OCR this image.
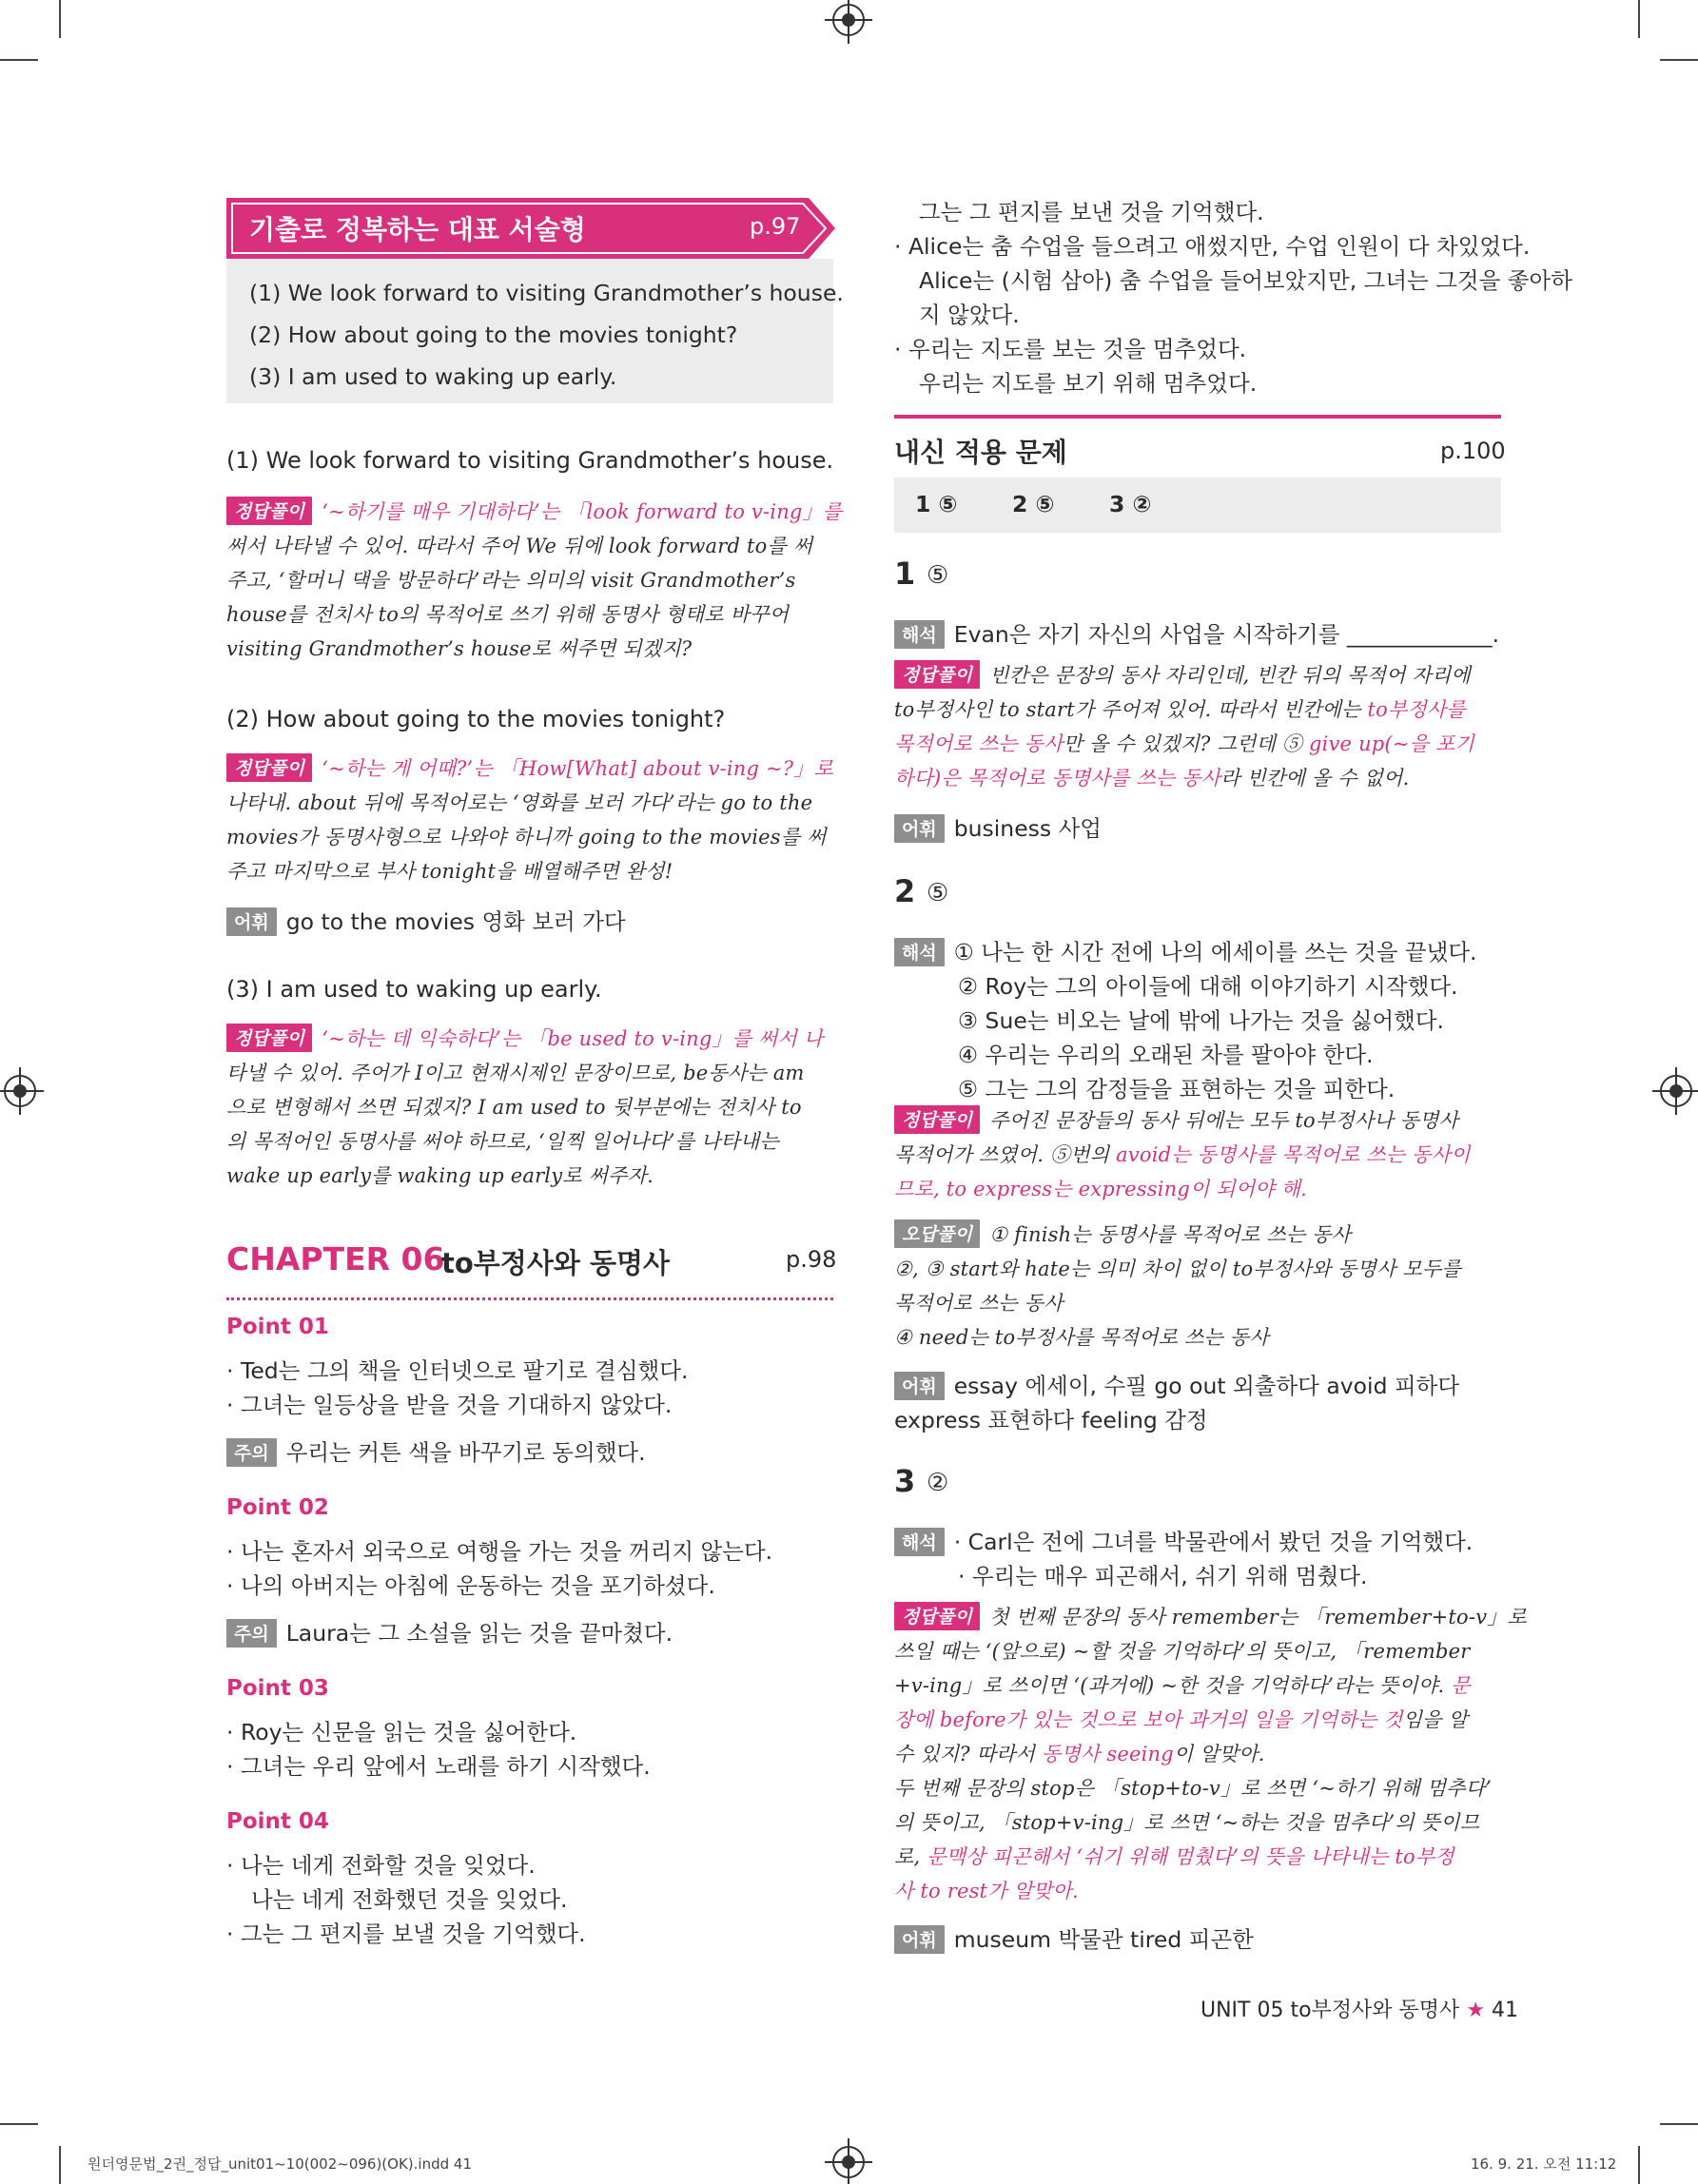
기출로 정복하는 대표 서술형	p.97
(1) We look forward to visiting Grandmother’s house.
(2) How about going to the movies tonight?
(3) I am used to waking up early.
(1) We look forward to visiting Grandmother’s house.
정답풀이 ‘~하기를 매우 기대하다’는 「look forward to v-ing」를
써서 나타낼 수 있어. 따라서 주어 We 뒤에 look forward to를 써
주고, ‘할머니 댁을 방문하다’라는 의미의 visit Grandmother’s
house를 전치사 to의 목적어로 쓰기 위해 동명사 형태로 바꾸어
visiting Grandmother’s house로 써주면 되겠지?
(2) How about going to the movies tonight?
정답풀이 ‘~하는 게 어때?’는 「How[What] about v-ing ~?」로
나타내. about 뒤에 목적어로는 ‘영화를 보러 가다’라는 go to the
movies가 동명사형으로 나와야 하니까 going to the movies를 써
주고 마지막으로 부사 tonight을 배열해주면 완성!
어휘 go to the movies 영화 보러 가다
(3) I am used to waking up early.
정답풀이 ‘~하는 데 익숙하다’는 「be used to v-ing」를 써서 나
타낼 수 있어. 주어가 I이고 현재시제인 문장이므로, be동사는 am
으로 변형해서 쓰면 되겠지? I am used to 뒷부분에는 전치사 to
의 목적어인 동명사를 써야 하므로, ‘일찍 일어나다’를 나타내는
wake up early를 waking up early로 써주자.
CHAPTER 06
to부정사와 동명사	p.98
Point 01
· Ted는 그의 책을 인터넷으로 팔기로 결심했다.
· 그녀는 일등상을 받을 것을 기대하지 않았다.
주의 우리는 커튼 색을 바꾸기로 동의했다.
Point 02
· 나는 혼자서 외국으로 여행을 가는 것을 꺼리지 않는다.
· 나의 아버지는 아침에 운동하는 것을 포기하셨다.
주의 Laura는 그 소설을 읽는 것을 끝마쳤다.
Point 03
· Roy는 신문을 읽는 것을 싫어한다.
· 그녀는 우리 앞에서 노래를 하기 시작했다.
Point 04
· 나는 네게 전화할 것을 잊었다.
나는 네게 전화했던 것을 잊었다.
· 그는 그 편지를 보낼 것을 기억했다.
그는 그 편지를 보낸 것을 기억했다.
· Alice는 춤 수업을 들으려고 애썼지만, 수업 인원이 다 차있었다.
Alice는 (시험 삼아) 춤 수업을 들어보았지만, 그녀는 그것을 좋아하
지 않았다.
· 우리는 지도를 보는 것을 멈추었다.
우리는 지도를 보기 위해 멈추었다.
내신 적용 문제	p.100
1 ⑤ 2 ⑤ 3 ②
1 ⑤
해석 Evan은 자기 자신의 사업을 시작하기를 _____________.
정답풀이 빈칸은 문장의 동사 자리인데, 빈칸 뒤의 목적어 자리에
to부정사인 to start가 주어져 있어. 따라서 빈칸에는 to부정사를
목적어로 쓰는 동사만 올 수 있겠지? 그런데 ⑤ give up(~을 포기
하다)은 목적어로 동명사를 쓰는 동사라 빈칸에 올 수 없어.
어휘 business 사업
2 ⑤
해석 ① 나는 한 시간 전에 나의 에세이를 쓰는 것을 끝냈다.
② Roy는 그의 아이들에 대해 이야기하기 시작했다.
③ Sue는 비오는 날에 밖에 나가는 것을 싫어했다.
④ 우리는 우리의 오래된 차를 팔아야 한다.
⑤ 그는 그의 감정들을 표현하는 것을 피한다.
정답풀이 주어진 문장들의 동사 뒤에는 모두 to부정사나 동명사
목적어가 쓰였어. ⑤번의 avoid는 동명사를 목적어로 쓰는 동사이
므로, to express는 expressing이 되어야 해.
오답풀이 ① finish는 동명사를 목적어로 쓰는 동사
②, ③ start와 hate는 의미 차이 없이 to부정사와 동명사 모두를
목적어로 쓰는 동사
④ need는 to부정사를 목적어로 쓰는 동사
어휘 essay 에세이, 수필 go out 외출하다 avoid 피하다
express 표현하다 feeling 감정
3 ②
해석 · Carl은 전에 그녀를 박물관에서 봤던 것을 기억했다.
· 우리는 매우 피곤해서, 쉬기 위해 멈췄다.
정답풀이 첫 번째 문장의 동사 remember는 「remember+to-v」로
쓰일 때는 ‘(앞으로) ~할 것을 기억하다’의 뜻이고, 「remember
+v-ing」로 쓰이면 ‘(과거에) ~한 것을 기억하다’라는 뜻이야. 문
장에 before가 있는 것으로 보아 과거의 일을 기억하는 것임을 알
수 있지? 따라서 동명사 seeing이 알맞아.
두 번째 문장의 stop은 「stop+to-v」로 쓰면 ‘~하기 위해 멈추다’
의 뜻이고, 「stop+v-ing」로 쓰면 ‘~하는 것을 멈추다’의 뜻이므
로, 문맥상 피곤해서 ‘쉬기 위해 멈췄다’의 뜻을 나타내는 to부정
사 to rest가 알맞아.
어휘 museum 박물관 tired 피곤한
UNIT 05 to부정사와 동명사 ★ 41
원더영문법_2권_정답_unit01~10(002~096)(OK).indd 41	16. 9. 21. 오전 11:12
